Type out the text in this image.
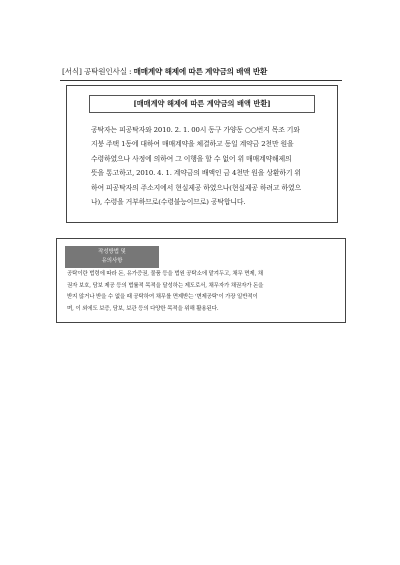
[서식] 공탁원인사실 : 매매계약 해제에 따른 계약금의 배액 반환
[매매계약 해제에 따른 계약금의 배액 반환]

공탁자는 피공탁자와 2010. 2. 1. 00시 동구 가양동 ○○번지 목조 기와

지붕 주택 1동에 대하여 매매계약을 체결하고 동일 계약금 2천만 원을

수령하였으나 사정에 의하여 그 이행을 할 수 없어 위 매매계약해제의

뜻을 통고하고, 2010. 4. 1. 계약금의 배액인 금 4천만 원을 상환하기 위

하여 피공탁자의 주소지에서 현실제공 하였으나(현실제공 하려고 하였으

나), 수령을 거부하므로(수령불능이므로) 공탁합니다.

작성방법 및
유의사항

공탁이란 법령에 따라 돈, 유가증권, 물품 등을 법원 공탁소에 맡겨두고, 채무 면제, 채

권자 보호, 담보 제공 등의 법률적 목적을 달성하는 제도로서, 채무자가 채권자가 돈을

받지 않거나 받을 수 없을 때 공탁하여 채무를 면제받는 '변제공탁'이 가장 일반적이

며, 이 외에도 보증, 담보, 보관 등의 다양한 목적을 위해 활용된다.
